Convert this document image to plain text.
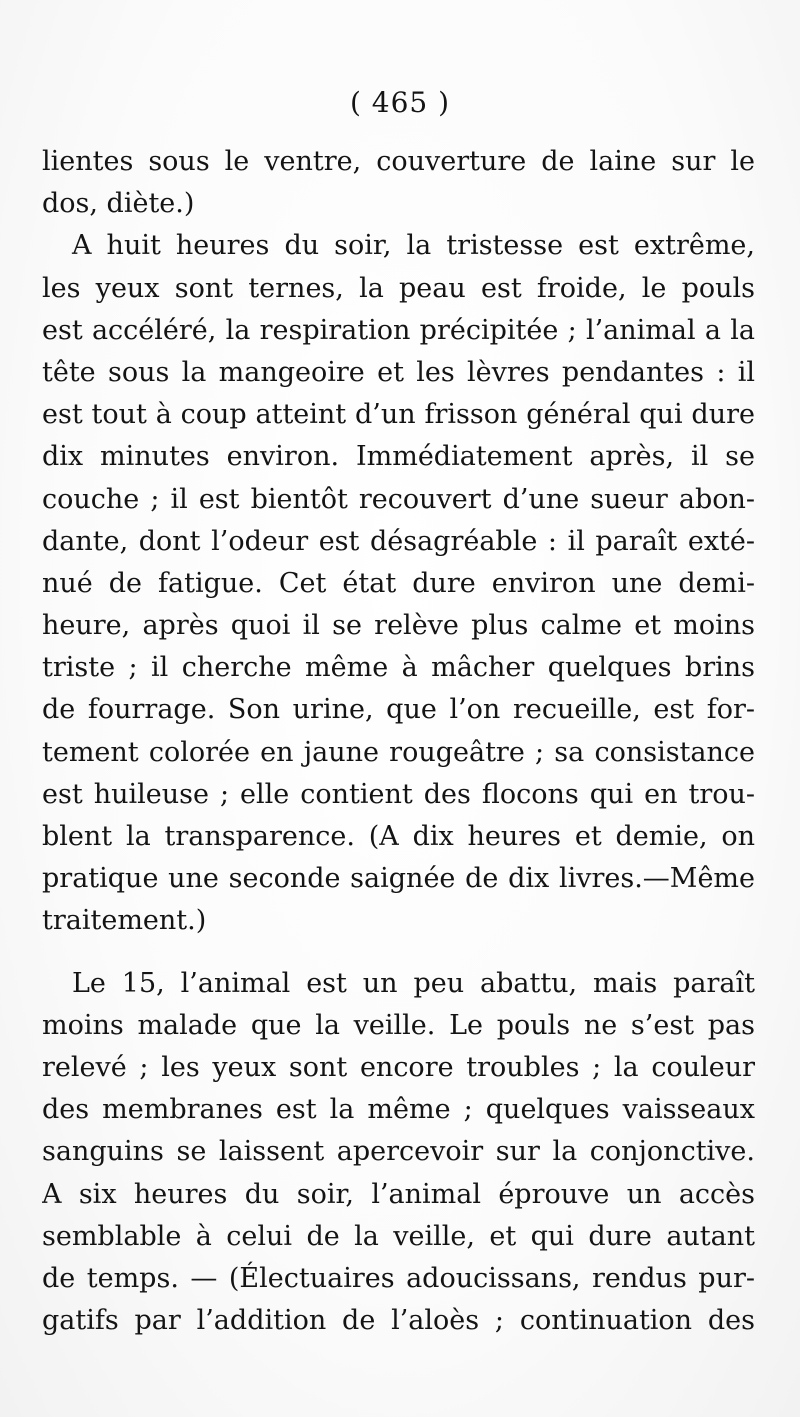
( 465 )
lientes sous le ventre, couverture de laine sur le
dos, diète.)
A huit heures du soir, la tristesse est extrême,
les yeux sont ternes, la peau est froide, le pouls
est accéléré, la respiration précipitée ; l’animal a la
tête sous la mangeoire et les lèvres pendantes : il
est tout à coup atteint d’un frisson général qui dure
dix minutes environ. Immédiatement après, il se
couche ; il est bientôt recouvert d’une sueur abon-
dante, dont l’odeur est désagréable : il paraît exté-
nué de fatigue. Cet état dure environ une demi-
heure, après quoi il se relève plus calme et moins
triste ; il cherche même à mâcher quelques brins
de fourrage. Son urine, que l’on recueille, est for-
tement colorée en jaune rougeâtre ; sa consistance
est huileuse ; elle contient des flocons qui en trou-
blent la transparence. (A dix heures et demie, on
pratique une seconde saignée de dix livres.—Même
traitement.)
Le 15, l’animal est un peu abattu, mais paraît
moins malade que la veille. Le pouls ne s’est pas
relevé ; les yeux sont encore troubles ; la couleur
des membranes est la même ; quelques vaisseaux
sanguins se laissent apercevoir sur la conjonctive.
A six heures du soir, l’animal éprouve un accès
semblable à celui de la veille, et qui dure autant
de temps. — (Électuaires adoucissans, rendus pur-
gatifs par l’addition de l’aloès ; continuation des
